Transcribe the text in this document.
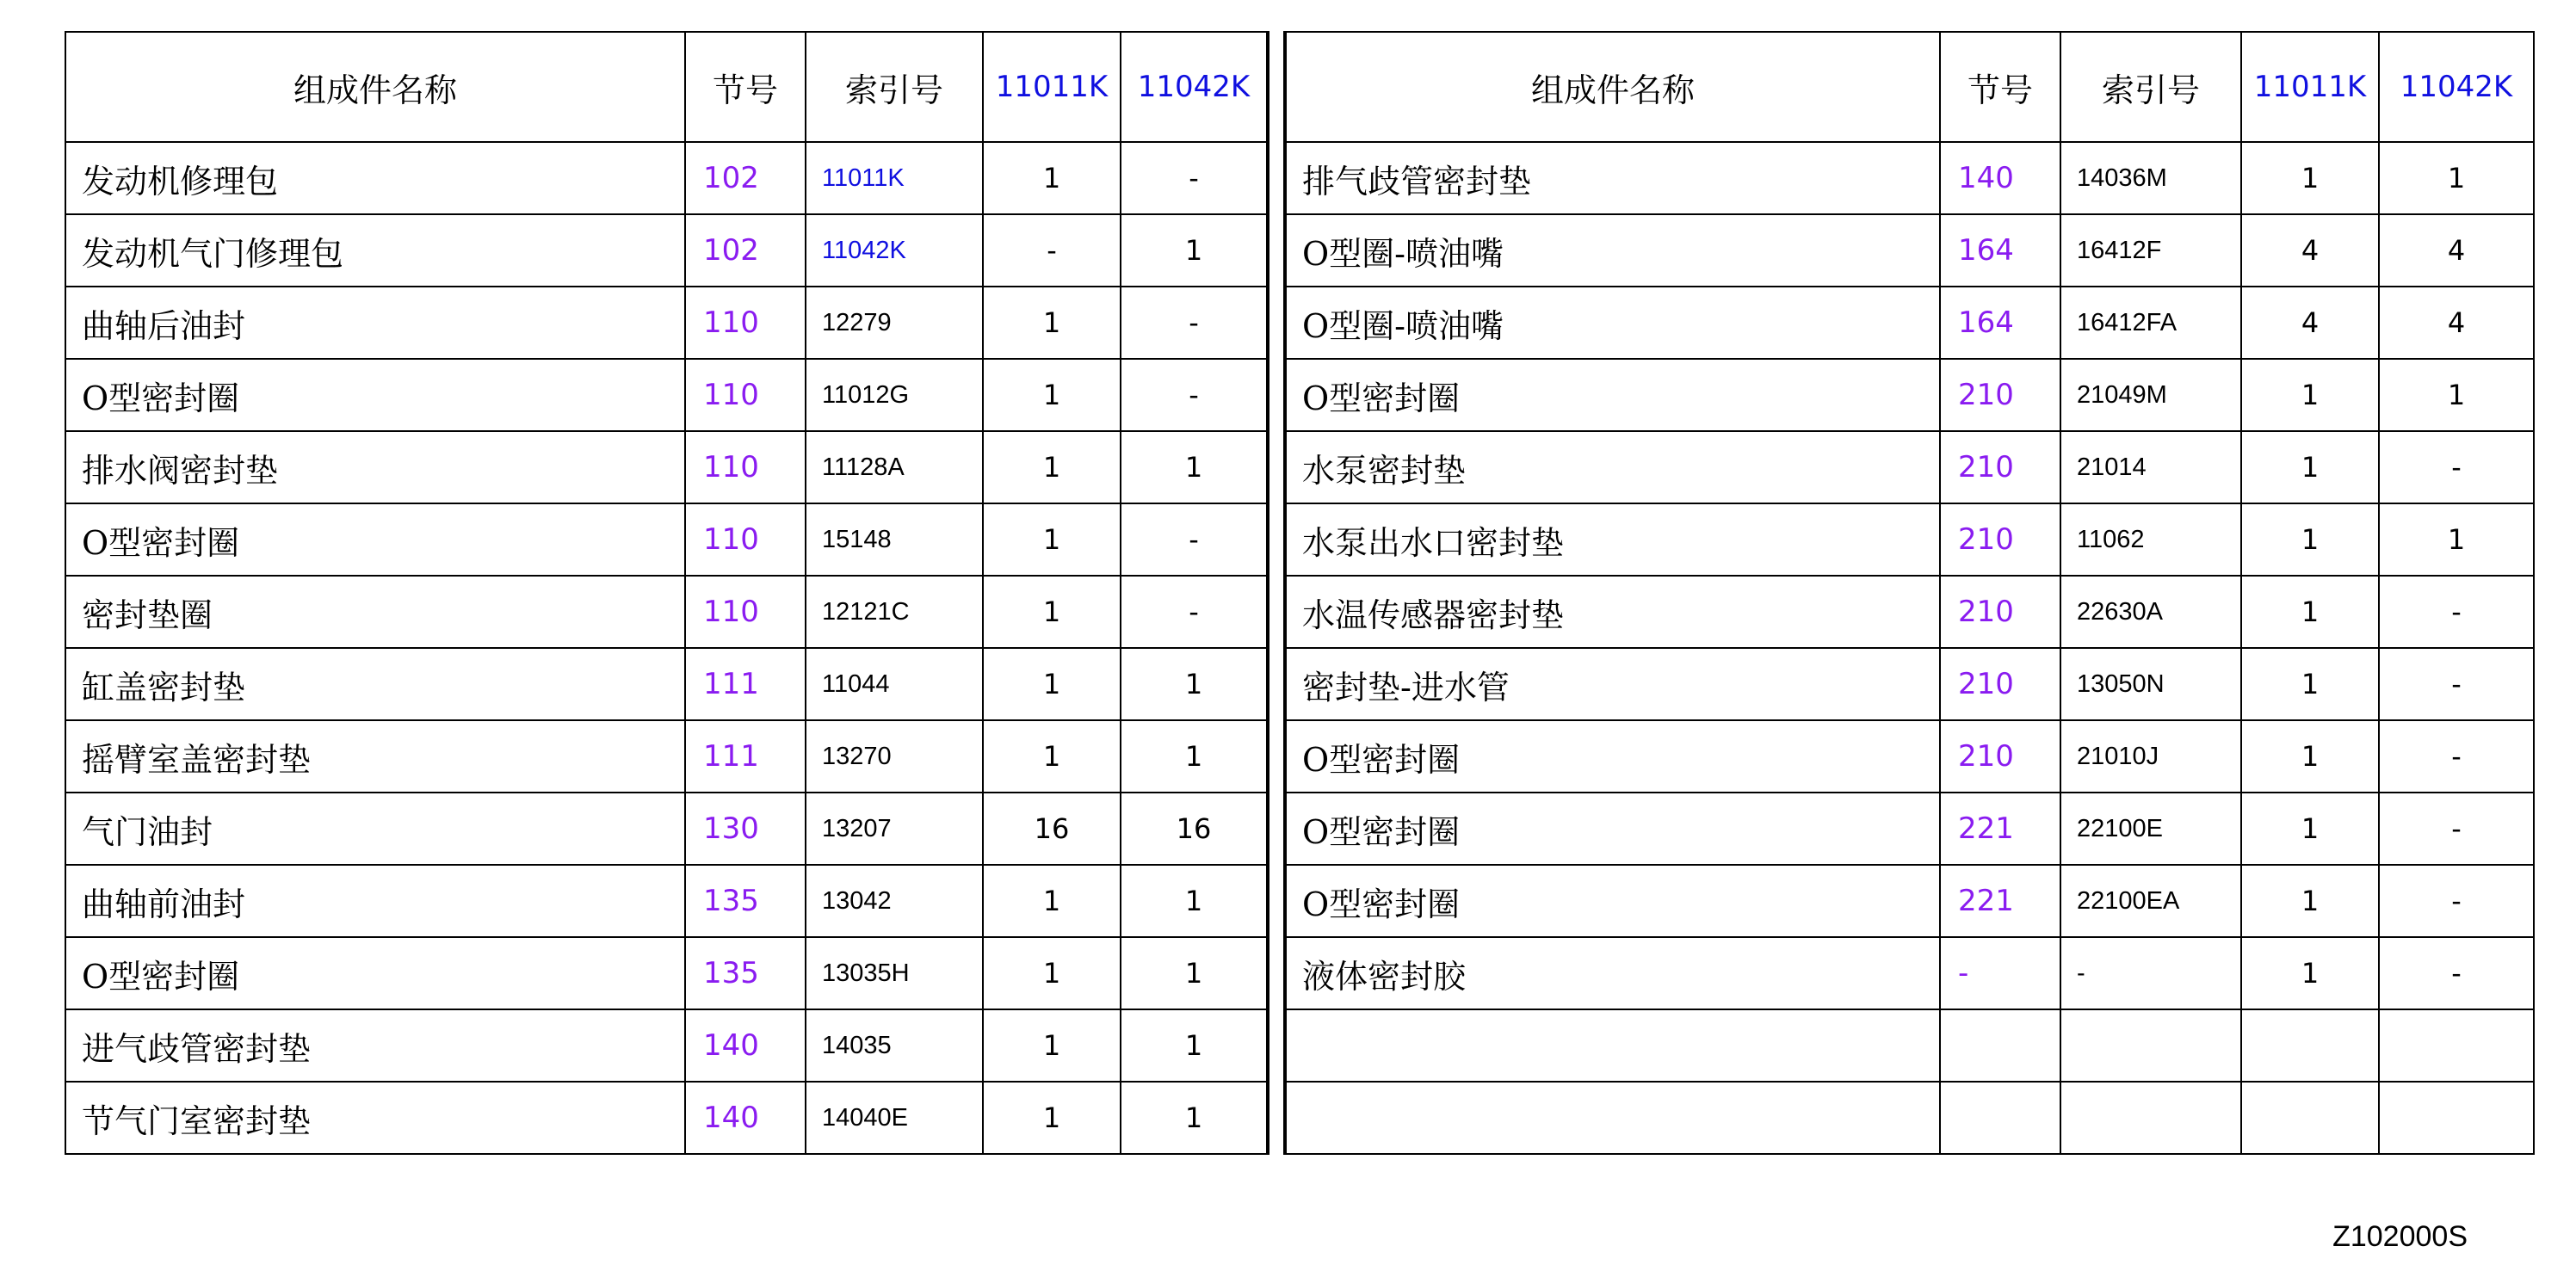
组成件名称	节号	索引号	11011K	11042K
发动机修理包	102	11011K	1	-
发动机气门修理包	102	11042K	-	1
曲轴后油封	110	12279	1	-
O型密封圈	110	11012G	1	-
排水阀密封垫	110	11128A	1	1
O型密封圈	110	15148	1	-
密封垫圈	110	12121C	1	-
缸盖密封垫	111	11044	1	1
摇臂室盖密封垫	111	13270	1	1
气门油封	130	13207	16	16
曲轴前油封	135	13042	1	1
O型密封圈	135	13035H	1	1
进气歧管密封垫	140	14035	1	1
节气门室密封垫	140	14040E	1	1
组成件名称	节号	索引号	11011K	11042K
排气歧管密封垫	140	14036M	1	1
O型圈-喷油嘴	164	16412F	4	4
O型圈-喷油嘴	164	16412FA	4	4
O型密封圈	210	21049M	1	1
水泵密封垫	210	21014	1	-
水泵出水口密封垫	210	11062	1	1
水温传感器密封垫	210	22630A	1	-
密封垫-进水管	210	13050N	1	-
O型密封圈	210	21010J	1	-
O型密封圈	221	22100E	1	-
O型密封圈	221	22100EA	1	-
液体密封胶	-	-	1	-

Z102000S
